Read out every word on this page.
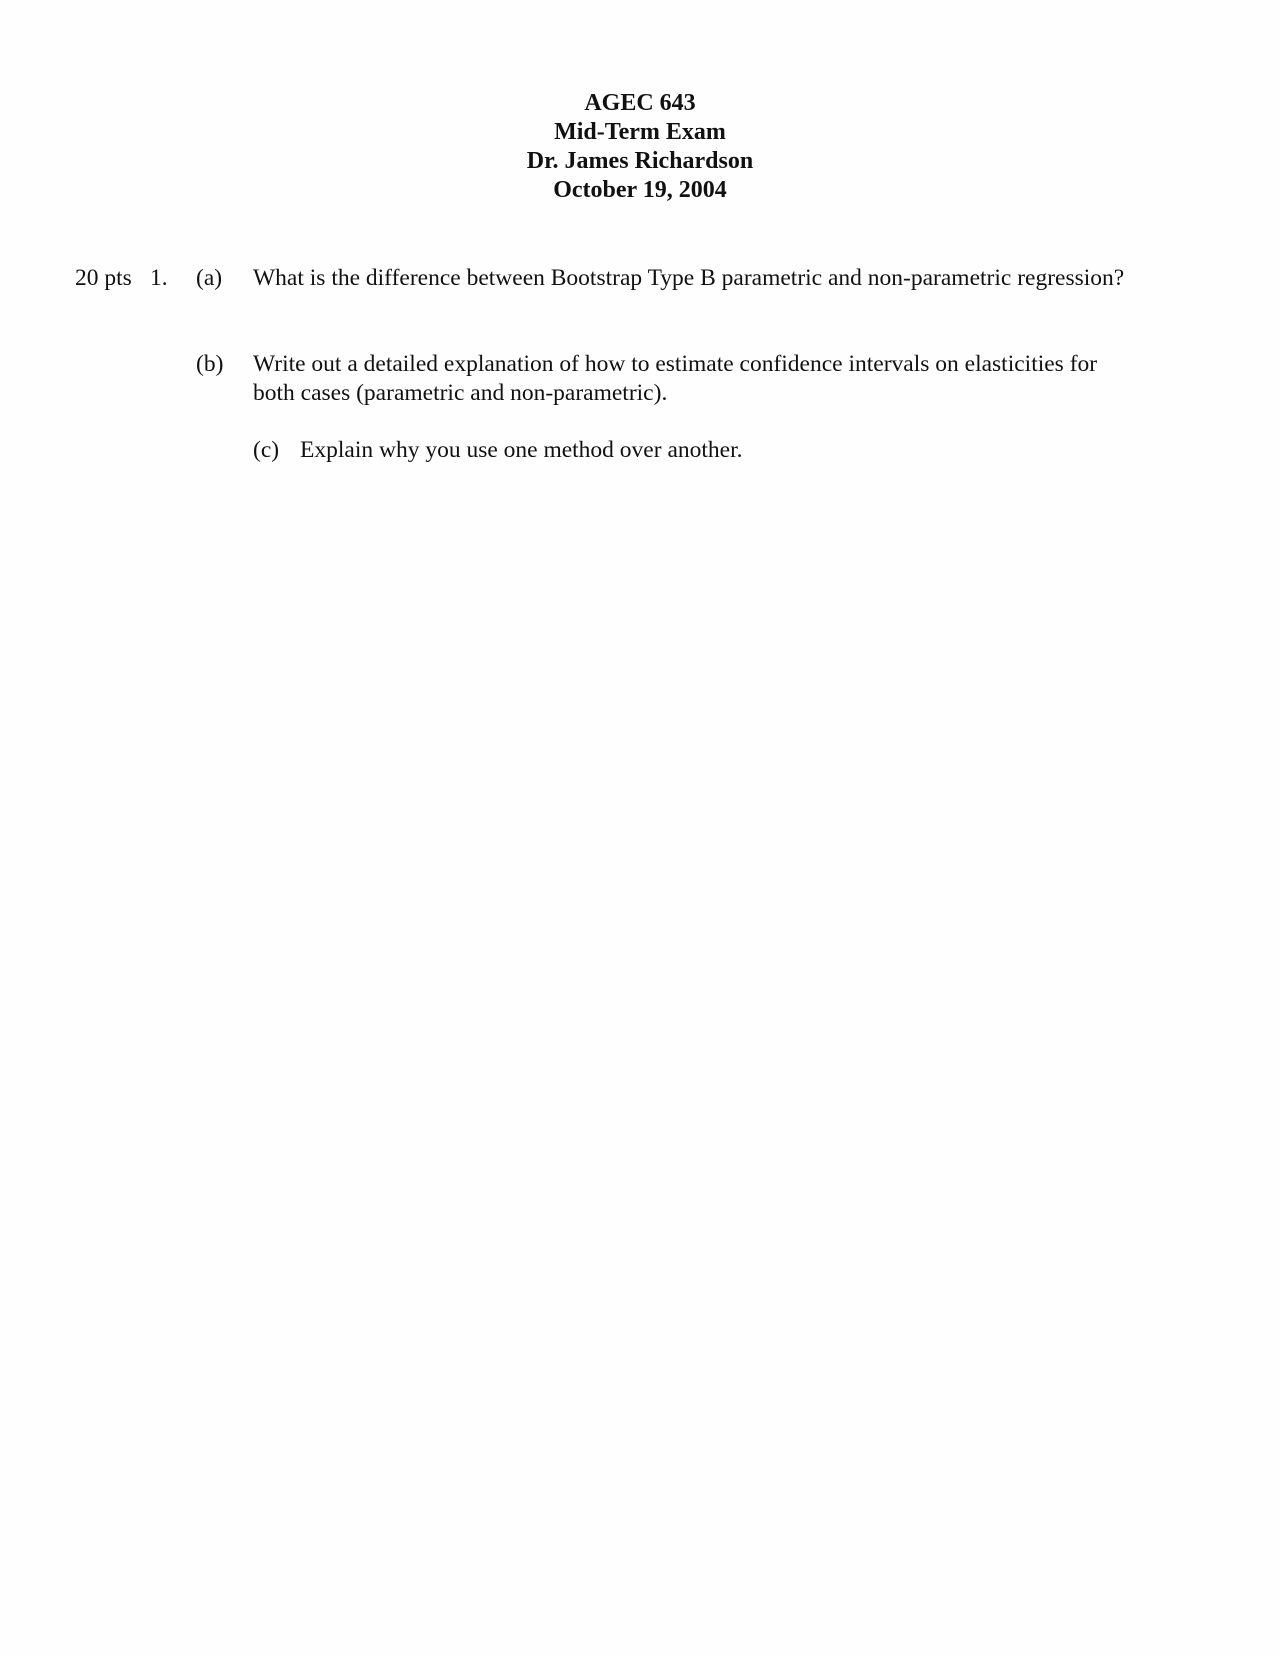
AGEC 643
Mid-Term Exam
Dr. James Richardson
October 19, 2004
20 pts 1. (a) What is the difference between Bootstrap Type B parametric and non-parametric regression?
(b) Write out a detailed explanation of how to estimate confidence intervals on elasticities for both cases (parametric and non-parametric).
(c) Explain why you use one method over another.
